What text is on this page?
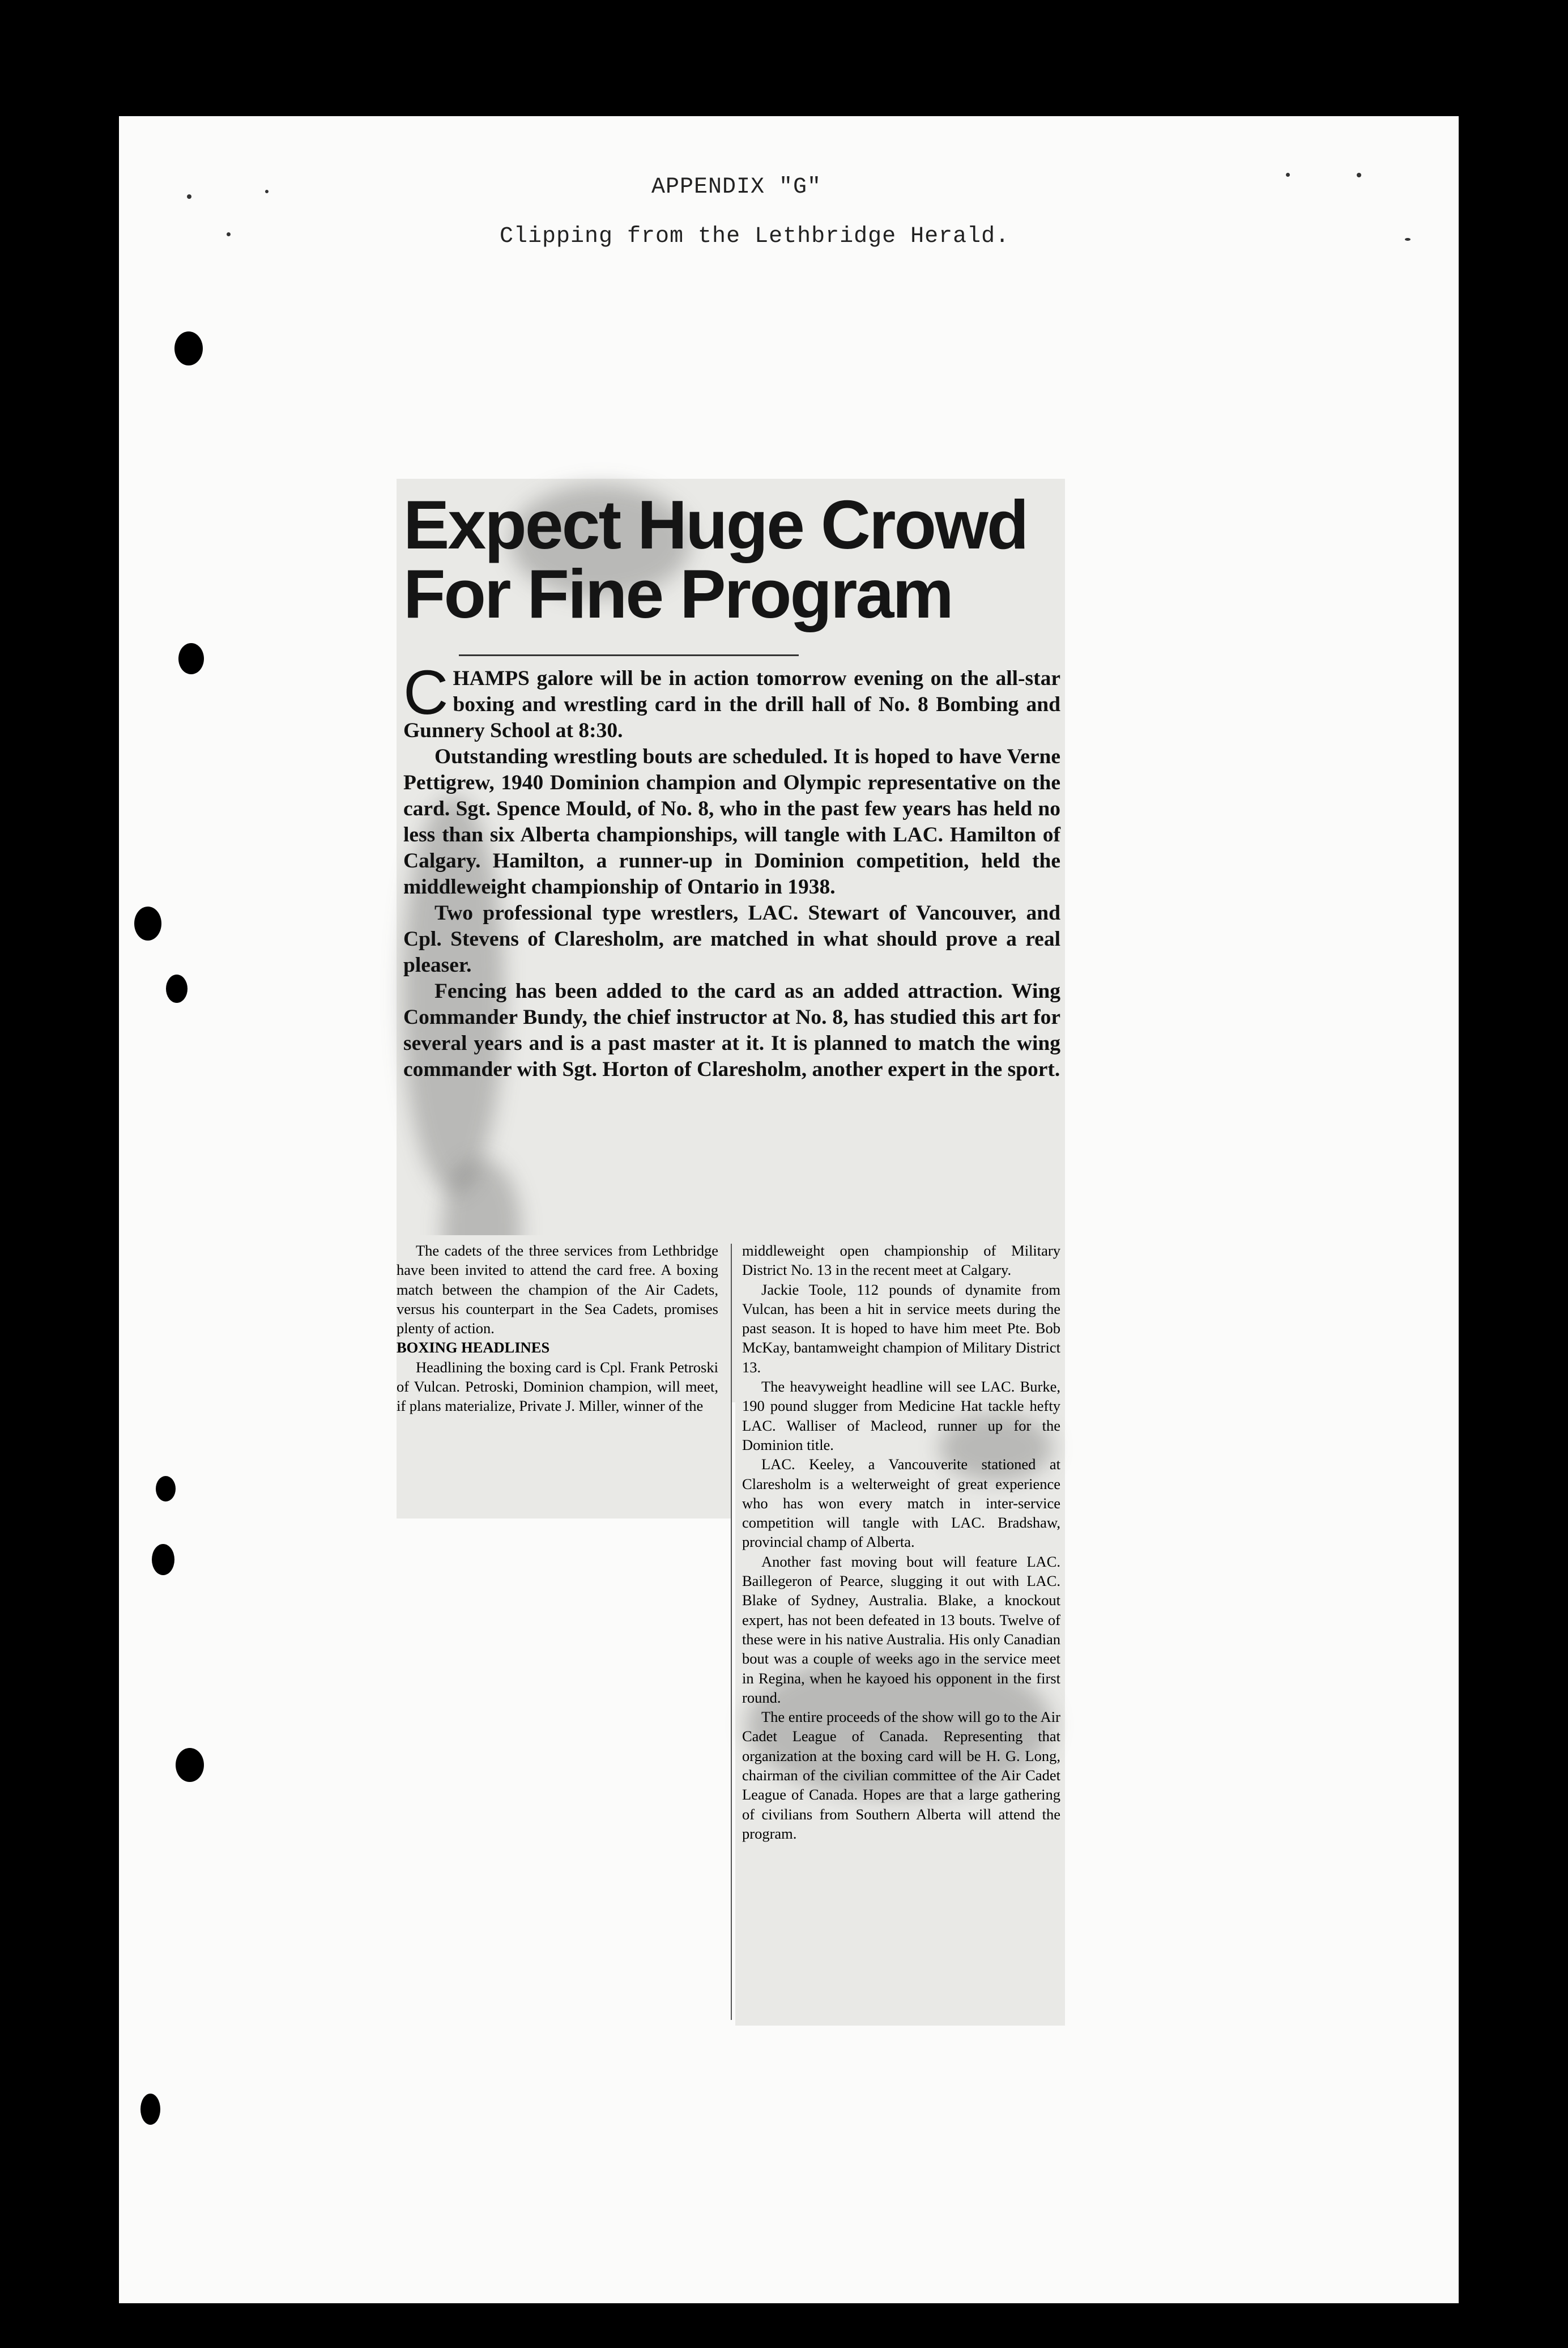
APPENDIX "G"
Clipping from the Lethbridge Herald.
Expect Huge Crowd
For Fine Program

CHAMPS galore will be in action tomorrow evening on the all-star boxing and wrestling card in the drill hall of No. 8 Bombing and Gunnery School at 8:30.

Outstanding wrestling bouts are scheduled. It is hoped to have Verne Pettigrew, 1940 Dominion champion and Olympic representative on the card. Sgt. Spence Mould, of No. 8, who in the past few years has held no less than six Alberta championships, will tangle with LAC. Hamilton of Calgary. Hamilton, a runner-up in Dominion competition, held the middleweight championship of Ontario in 1938.

Two professional type wrestlers, LAC. Stewart of Vancouver, and Cpl. Stevens of Claresholm, are matched in what should prove a real pleaser.

Fencing has been added to the card as an added attraction. Wing Commander Bundy, the chief instructor at No. 8, has studied this art for several years and is a past master at it. It is planned to match the wing commander with Sgt. Horton of Claresholm, another expert in the sport.

The cadets of the three services from Lethbridge have been invited to attend the card free. A boxing match between the champion of the Air Cadets, versus his counterpart in the Sea Cadets, promises plenty of action.

BOXING HEADLINES

Headlining the boxing card is Cpl. Frank Petroski of Vulcan. Petroski, Dominion champion, will meet, if plans materialize, Private J. Miller, winner of the

middleweight open championship of Military District No. 13 in the recent meet at Calgary.

Jackie Toole, 112 pounds of dynamite from Vulcan, has been a hit in service meets during the past season. It is hoped to have him meet Pte. Bob McKay, bantamweight champion of Military District 13.

The heavyweight headline will see LAC. Burke, 190 pound slugger from Medicine Hat tackle hefty LAC. Walliser of Macleod, runner up for the Dominion title.

LAC. Keeley, a Vancouverite stationed at Claresholm is a welterweight of great experience who has won every match in inter-service competition will tangle with LAC. Bradshaw, provincial champ of Alberta.

Another fast moving bout will feature LAC. Baillegeron of Pearce, slugging it out with LAC. Blake of Sydney, Australia. Blake, a knockout expert, has not been defeated in 13 bouts. Twelve of these were in his native Australia. His only Canadian bout was a couple of weeks ago in the service meet in Regina, when he kayoed his opponent in the first round.

The entire proceeds of the show will go to the Air Cadet League of Canada. Representing that organization at the boxing card will be H. G. Long, chairman of the civilian committee of the Air Cadet League of Canada. Hopes are that a large gathering of civilians from Southern Alberta will attend the program.
